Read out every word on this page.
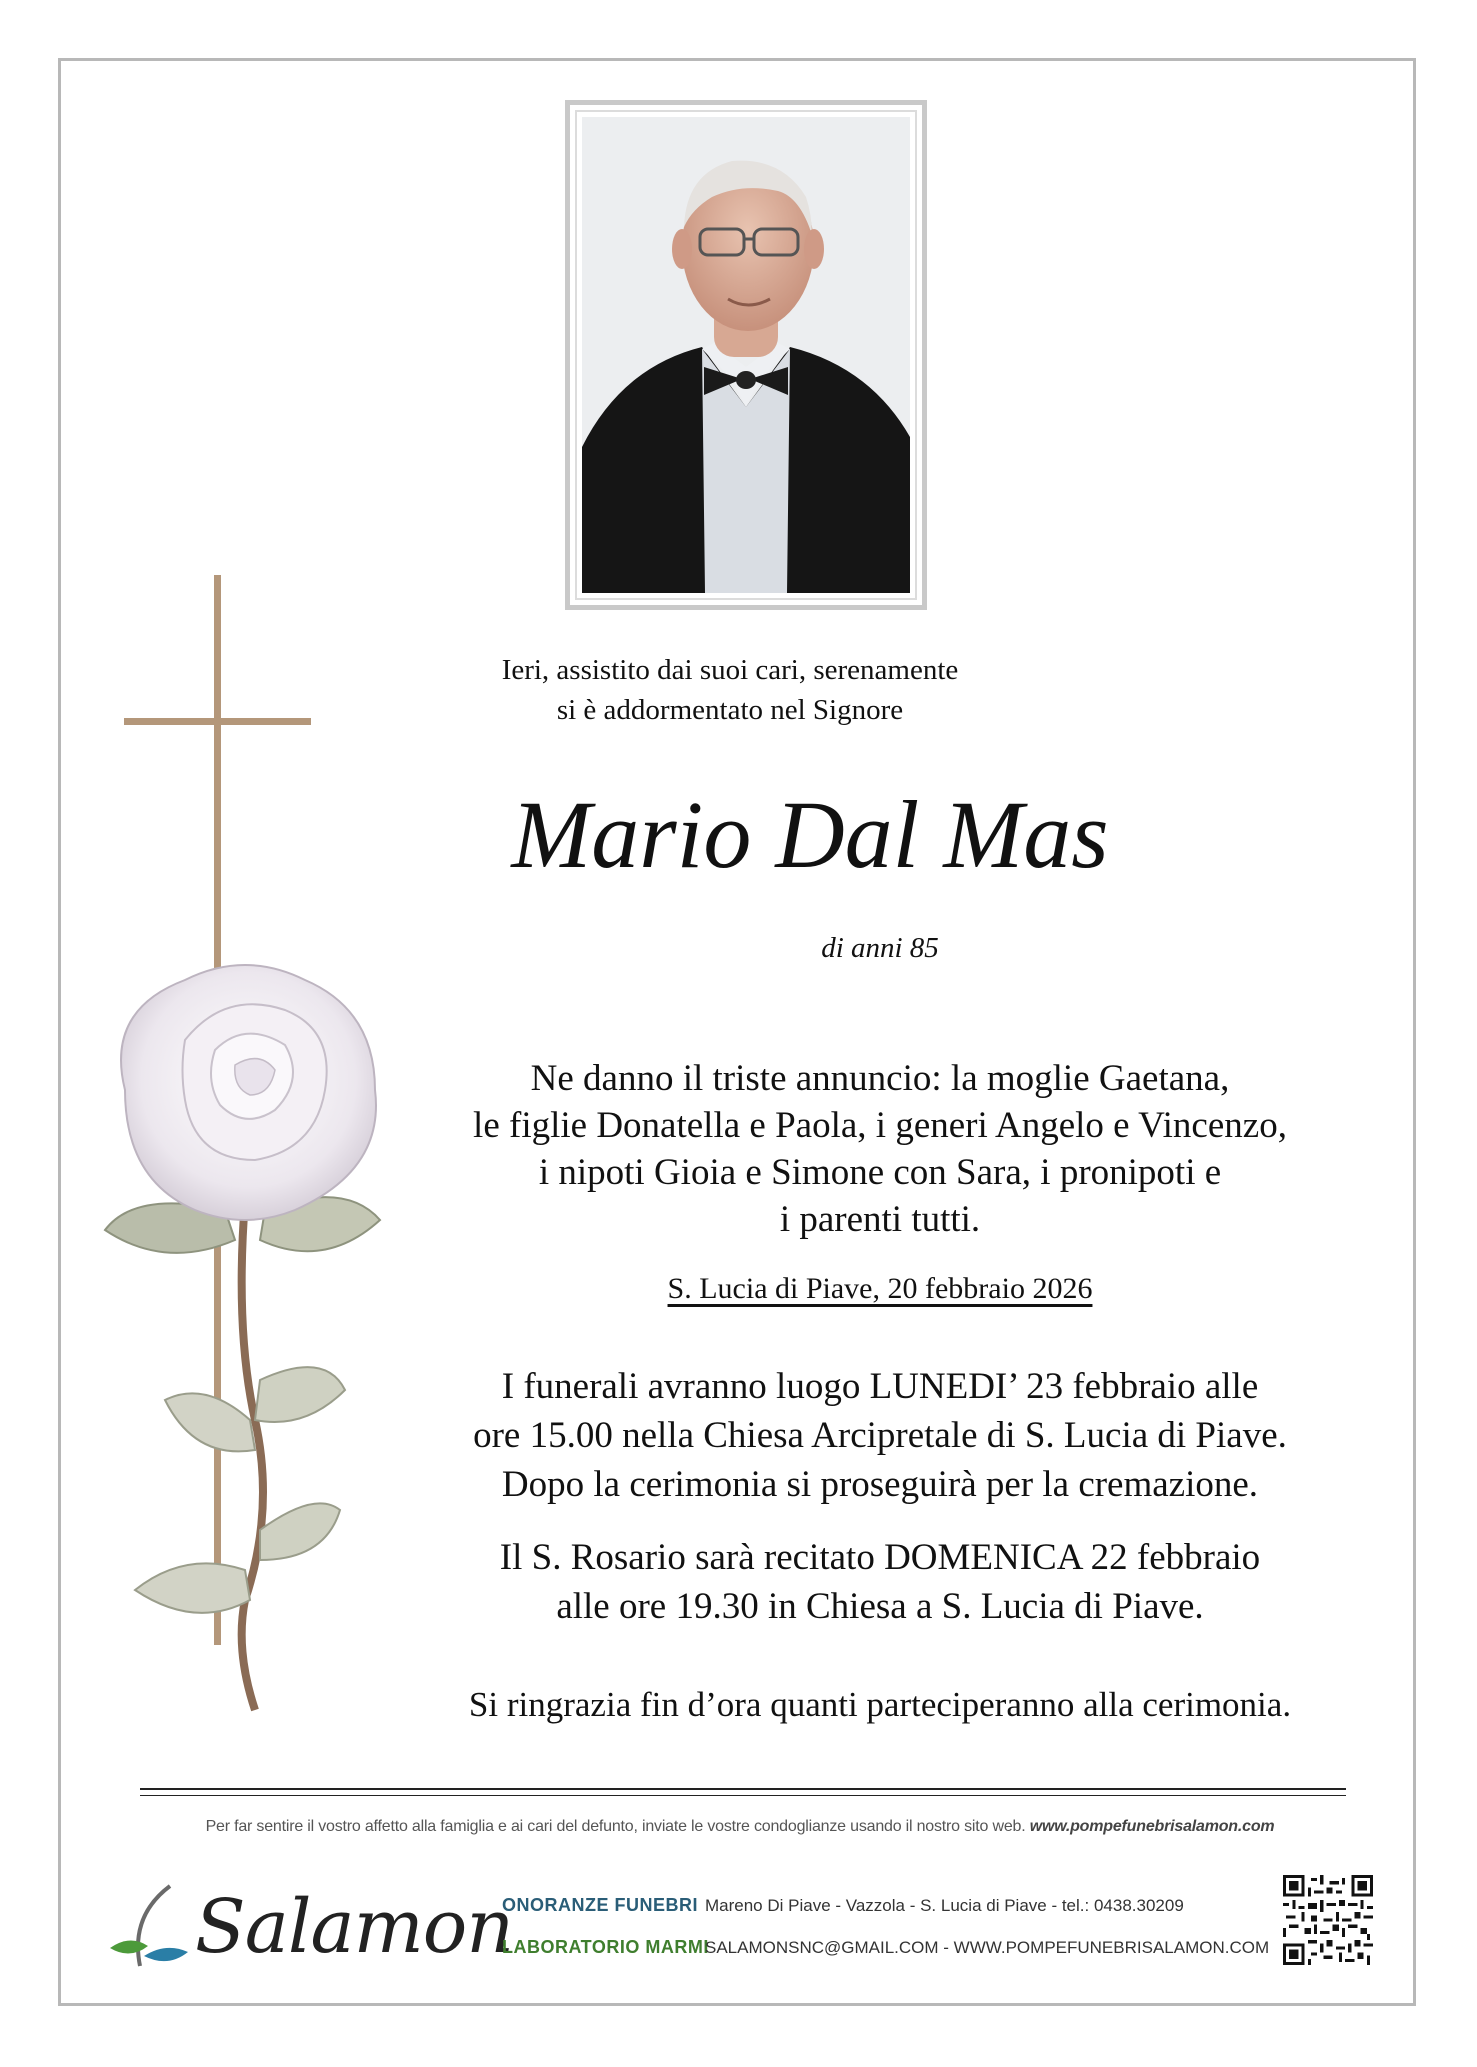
Ieri, assistito dai suoi cari, serenamente
si è addormentato nel Signore
Mario Dal Mas
di anni 85
Ne danno il triste annuncio: la moglie Gaetana,
le figlie Donatella e Paola, i generi Angelo e Vincenzo,
i nipoti Gioia e Simone con Sara, i pronipoti e
i parenti tutti.
S. Lucia di Piave, 20 febbraio 2026
I funerali avranno luogo LUNEDI’ 23 febbraio alle
ore 15.00 nella Chiesa Arcipretale di S. Lucia di Piave.
Dopo la cerimonia si proseguirà per la cremazione.
Il S. Rosario sarà recitato DOMENICA 22 febbraio
alle ore 19.30 in Chiesa a S. Lucia di Piave.
Si ringrazia fin d’ora quanti parteciperanno alla cerimonia.
Per far sentire il vostro affetto alla famiglia e ai cari del defunto, inviate le vostre condoglianze usando il nostro sito web. www.pompefunebrisalamon.com
Salamon
ONORANZE FUNEBRI
LABORATORIO MARMI
Mareno Di Piave - Vazzola - S. Lucia di Piave - tel.: 0438.30209
SALAMONSNC@GMAIL.COM - WWW.POMPEFUNEBRISALAMON.COM
